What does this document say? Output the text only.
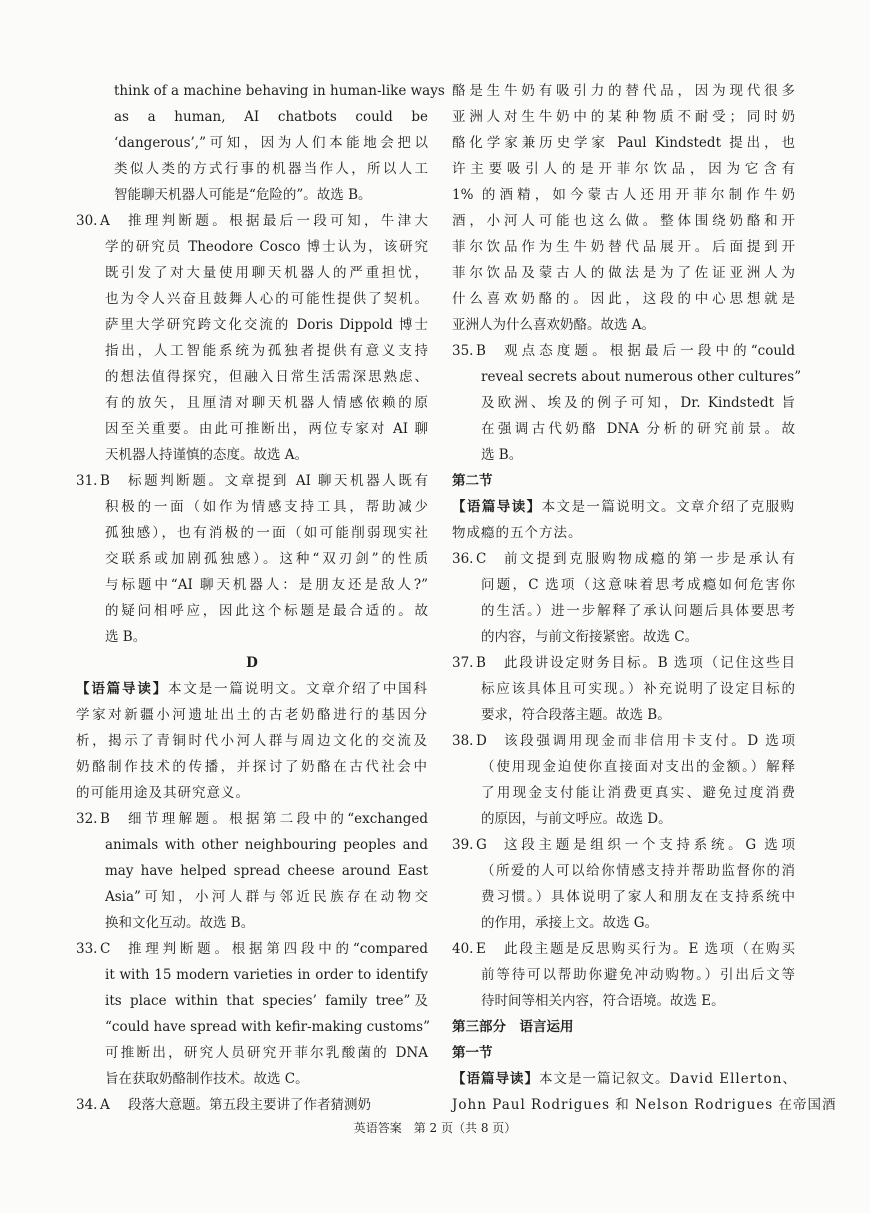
think of a machine behaving in human-like ways
as a human, AI chatbots could be
‘dangerous’,”可知，因为人们本能地会把以
类似人类的方式行事的机器当作人，所以人工
智能聊天机器人可能是“危险的”。故选 B。
30. A	推理判断题。根据最后一段可知，牛津大
学的研究员 Theodore Cosco 博士认为，该研究
既引发了对大量使用聊天机器人的严重担忧，
也为令人兴奋且鼓舞人心的可能性提供了契机。
萨里大学研究跨文化交流的 Doris Dippold 博士
指出，人工智能系统为孤独者提供有意义支持
的想法值得探究，但融入日常生活需深思熟虑、
有的放矢，且厘清对聊天机器人情感依赖的原
因至关重要。由此可推断出，两位专家对 AI 聊
天机器人持谨慎的态度。故选 A。
31. B	标题判断题。文章提到 AI 聊天机器人既有
积极的一面（如作为情感支持工具，帮助减少
孤独感），也有消极的一面（如可能削弱现实社
交联系或加剧孤独感）。这种“双刃剑”的性质
与标题中“AI 聊天机器人：是朋友还是敌人?”
的疑问相呼应，因此这个标题是最合适的。故
选 B。
D
【语篇导读】本文是一篇说明文。文章介绍了中国科
学家对新疆小河遗址出土的古老奶酪进行的基因分
析，揭示了青铜时代小河人群与周边文化的交流及
奶酪制作技术的传播，并探讨了奶酪在古代社会中
的可能用途及其研究意义。
32. B	细节理解题。根据第二段中的“exchanged
animals with other neighbouring peoples and
may have helped spread cheese around East
Asia”可知，小河人群与邻近民族存在动物交
换和文化互动。故选 B。
33. C	推理判断题。根据第四段中的“compared
it with 15 modern varieties in order to identify
its place within that species’ family tree”及
“could have spread with kefir-making customs”
可推断出，研究人员研究开菲尔乳酸菌的 DNA
旨在获取奶酪制作技术。故选 C。
34. A	段落大意题。第五段主要讲了作者猜测奶
酪是生牛奶有吸引力的替代品，因为现代很多
亚洲人对生牛奶中的某种物质不耐受；同时奶
酪化学家兼历史学家 Paul Kindstedt 提出，也
许主要吸引人的是开菲尔饮品，因为它含有
1% 的酒精，如今蒙古人还用开菲尔制作牛奶
酒，小河人可能也这么做。整体围绕奶酪和开
菲尔饮品作为生牛奶替代品展开。后面提到开
菲尔饮品及蒙古人的做法是为了佐证亚洲人为
什么喜欢奶酪的。因此，这段的中心思想就是
亚洲人为什么喜欢奶酪。故选 A。
35. B	观点态度题。根据最后一段中的“could
reveal secrets about numerous other cultures”
及欧洲、埃及的例子可知，Dr. Kindstedt 旨
在强调古代奶酪 DNA 分析的研究前景。故
选 B。
第二节
【语篇导读】本文是一篇说明文。文章介绍了克服购
物成瘾的五个方法。
36. C	前文提到克服购物成瘾的第一步是承认有
问题，C 选项（这意味着思考成瘾如何危害你
的生活。）进一步解释了承认问题后具体要思考
的内容，与前文衔接紧密。故选 C。
37. B	此段讲设定财务目标。B 选项（记住这些目
标应该具体且可实现。）补充说明了设定目标的
要求，符合段落主题。故选 B。
38. D	该段强调用现金而非信用卡支付。D 选项
（使用现金迫使你直接面对支出的金额。）解释
了用现金支付能让消费更真实、避免过度消费
的原因，与前文呼应。故选 D。
39. G	这段主题是组织一个支持系统。G 选项
（所爱的人可以给你情感支持并帮助监督你的消
费习惯。）具体说明了家人和朋友在支持系统中
的作用，承接上文。故选 G。
40. E	此段主题是反思购买行为。E 选项（在购买
前等待可以帮助你避免冲动购物。）引出后文等
待时间等相关内容，符合语境。故选 E。
第三部分　语言运用
第一节
【语篇导读】本文是一篇记叙文。David Ellerton、
John Paul Rodrigues 和 Nelson Rodrigues 在帝国酒
英语答案　第 2 页（共 8 页）
